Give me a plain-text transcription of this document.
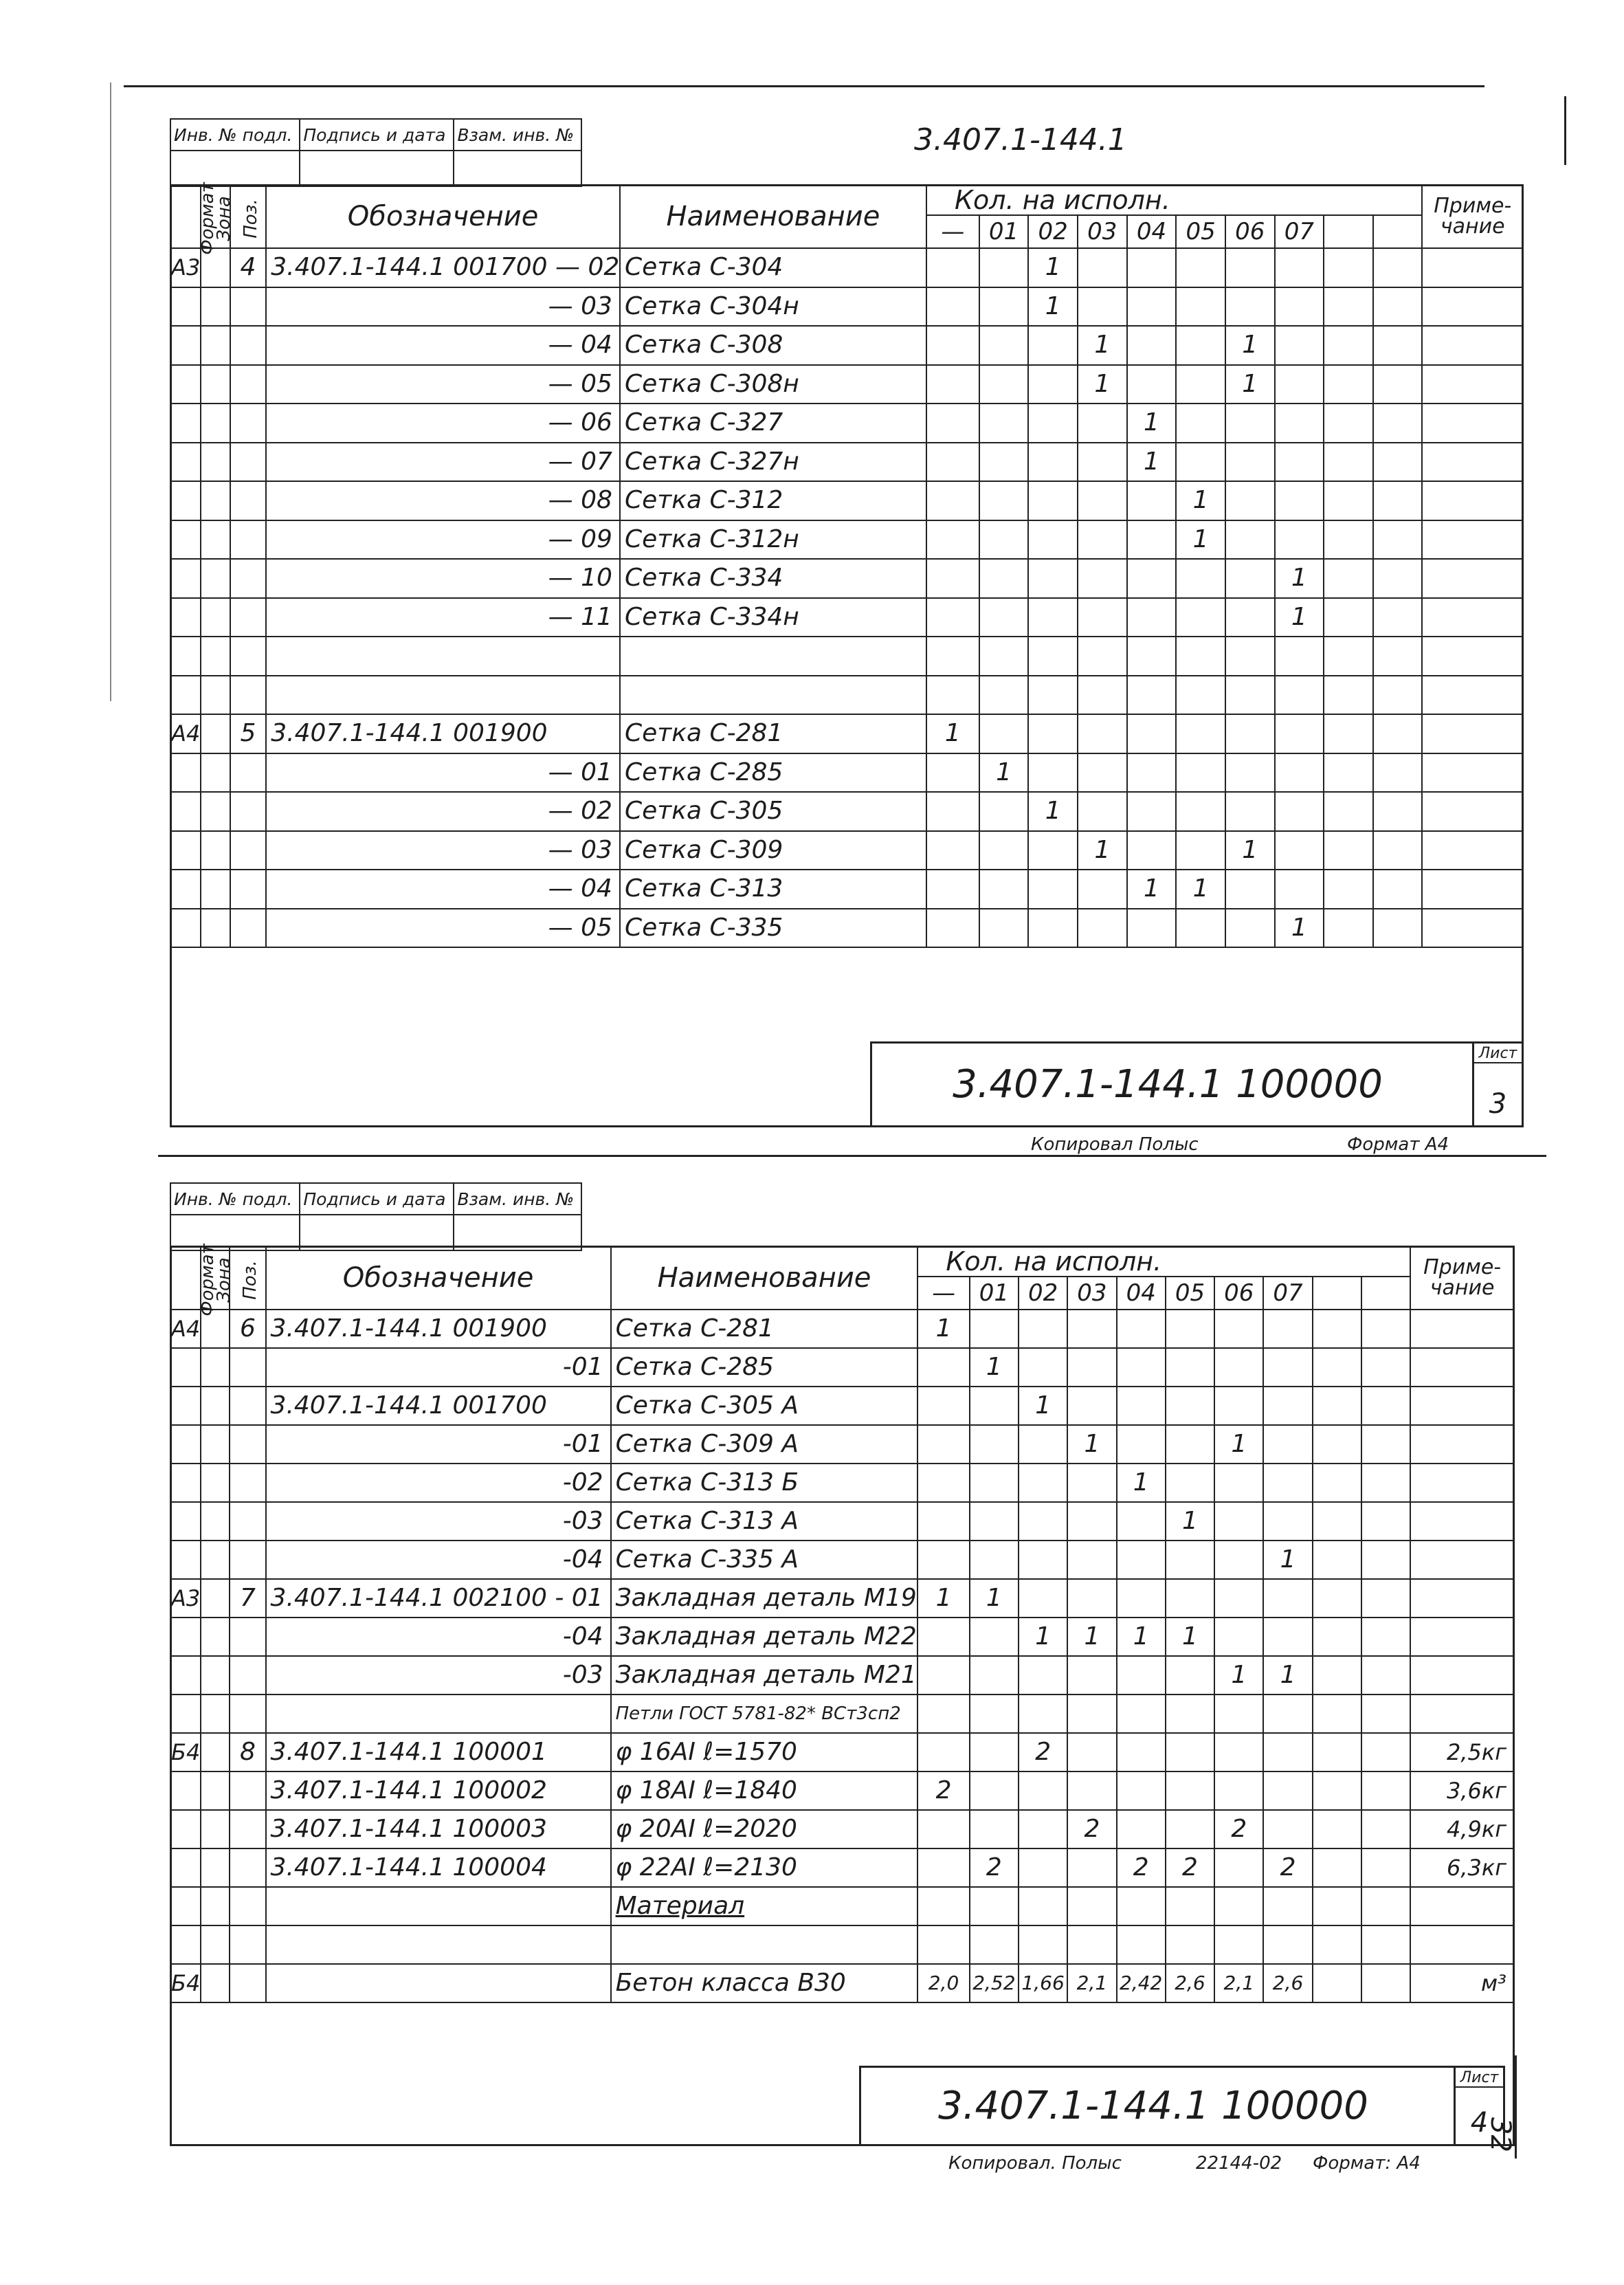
Инв. № подл.	Подпись и дата	Взам. инв. №
			3.407.1-144.1
Формат	Зона	Поз.	Обозначение	Наименование	Кол. на исполн.										Приме-чание
					—	01	02	03	04	05	06	07			
А3		4	3.407.1-144.1 001700 — 02	Сетка С-304			1								
			— 03	Сетка С-304н			1								
			— 04	Сетка С-308				1			1				
			— 05	Сетка С-308н				1			1				
			— 06	Сетка С-327					1						
			— 07	Сетка С-327н					1						
			— 08	Сетка С-312						1					
			— 09	Сетка С-312н						1					
			— 10	Сетка С-334								1			
			— 11	Сетка С-334н								1			

А4		5	3.407.1-144.1 001900	Сетка С-281	1										
			— 01	Сетка С-285		1									
			— 02	Сетка С-305			1								
			— 03	Сетка С-309				1			1				
			— 04	Сетка С-313					1	1					
			— 05	Сетка С-335								1			

3.407.1-144.1 100000
Лист
3
Копировал Полыс	Формат А4
Инв. № подл.	Подпись и дата	Взам. инв. №

Формат	Зона	Поз.	Обозначение	Наименование	Кол. на исполн.										Приме-чание
					—	01	02	03	04	05	06	07			
А4		6	3.407.1-144.1 001900	Сетка С-281	1										
			-01	Сетка С-285		1									
			3.407.1-144.1 001700	Сетка С-305 А			1								
			-01	Сетка С-309 А				1			1				
			-02	Сетка С-313 Б					1						
			-03	Сетка С-313 А						1					
			-04	Сетка С-335 А								1			
А3		7	3.407.1-144.1 002100 - 01	Закладная деталь М19	1	1									
			-04	Закладная деталь М22			1	1	1	1					
			-03	Закладная деталь М21							1	1			
				Петли ГОСТ 5781-82* ВСт3сп2											
Б4		8	3.407.1-144.1 100001	φ 16АI ℓ=1570			2								2,5кг
			3.407.1-144.1 100002	φ 18АI ℓ=1840	2										3,6кг
			3.407.1-144.1 100003	φ 20АI ℓ=2020				2			2				4,9кг
			3.407.1-144.1 100004	φ 22АI ℓ=2130		2			2	2		2			6,3кг
				Материал											

Б4				Бетон класса В30	2,0	2,52	1,66	2,1	2,42	2,6	2,1	2,6			м³
3.407.1-144.1 100000
Лист
4
32
Копировал. Полыс	22144-02 Формат: А4
